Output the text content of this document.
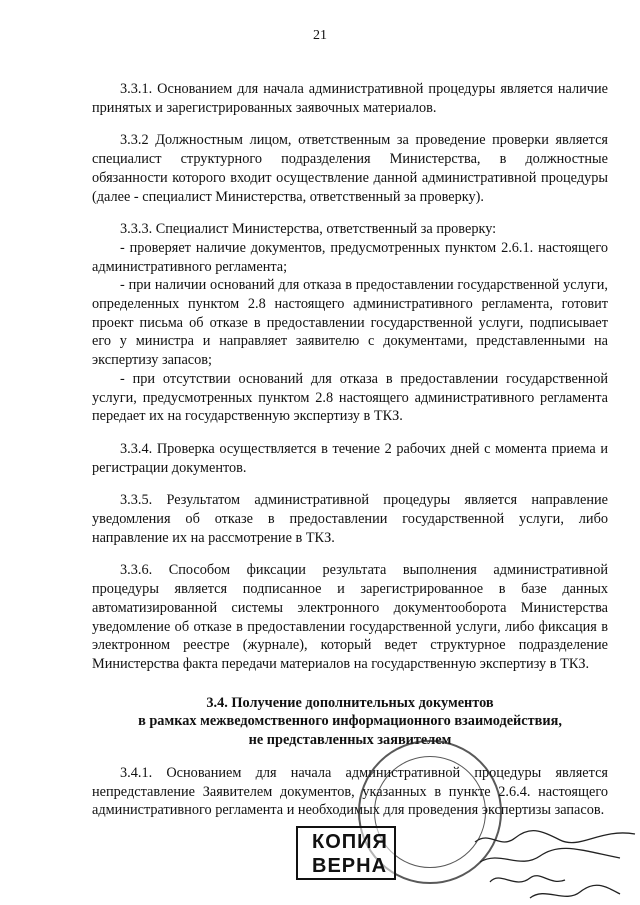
21

3.3.1. Основанием для начала административной процедуры является наличие принятых и зарегистрированных заявочных материалов.

3.3.2 Должностным лицом, ответственным за проведение проверки является специалист структурного подразделения Министерства, в должностные обязанности которого входит осуществление данной административной процедуры (далее - специалист Министерства, ответственный за проверку).

3.3.3. Специалист Министерства, ответственный за проверку:

- проверяет наличие документов, предусмотренных пунктом 2.6.1. настоящего административного регламента;

- при наличии оснований для отказа в предоставлении государственной услуги, определенных пунктом 2.8 настоящего административного регламента, готовит проект письма об отказе в предоставлении государственной услуги, подписывает его у министра и направляет заявителю с документами, представленными на экспертизу запасов;

- при отсутствии оснований для отказа в предоставлении государственной услуги, предусмотренных пунктом 2.8 настоящего административного регламента передает их на государственную экспертизу в ТКЗ.

3.3.4. Проверка осуществляется в течение 2 рабочих дней с момента приема и регистрации документов.

3.3.5. Результатом административной процедуры является направление уведомления об отказе в предоставлении государственной услуги, либо направление их на рассмотрение в ТКЗ.

3.3.6. Способом фиксации результата выполнения административной процедуры является подписанное и зарегистрированное в базе данных автоматизированной системы электронного документооборота Министерства уведомление об отказе в предоставлении государственной услуги, либо фиксация в электронном реестре (журнале), который ведет структурное подразделение Министерства факта передачи материалов на государственную экспертизу в ТКЗ.

3.4. Получение дополнительных документов
в рамках межведомственного информационного взаимодействия,
не представленных заявителем

3.4.1. Основанием для начала административной процедуры является непредставление Заявителем документов, указанных в пункте 2.6.4. настоящего административного регламента и необходимых для проведения экспертизы запасов.

КОПИЯ
ВЕРНА
